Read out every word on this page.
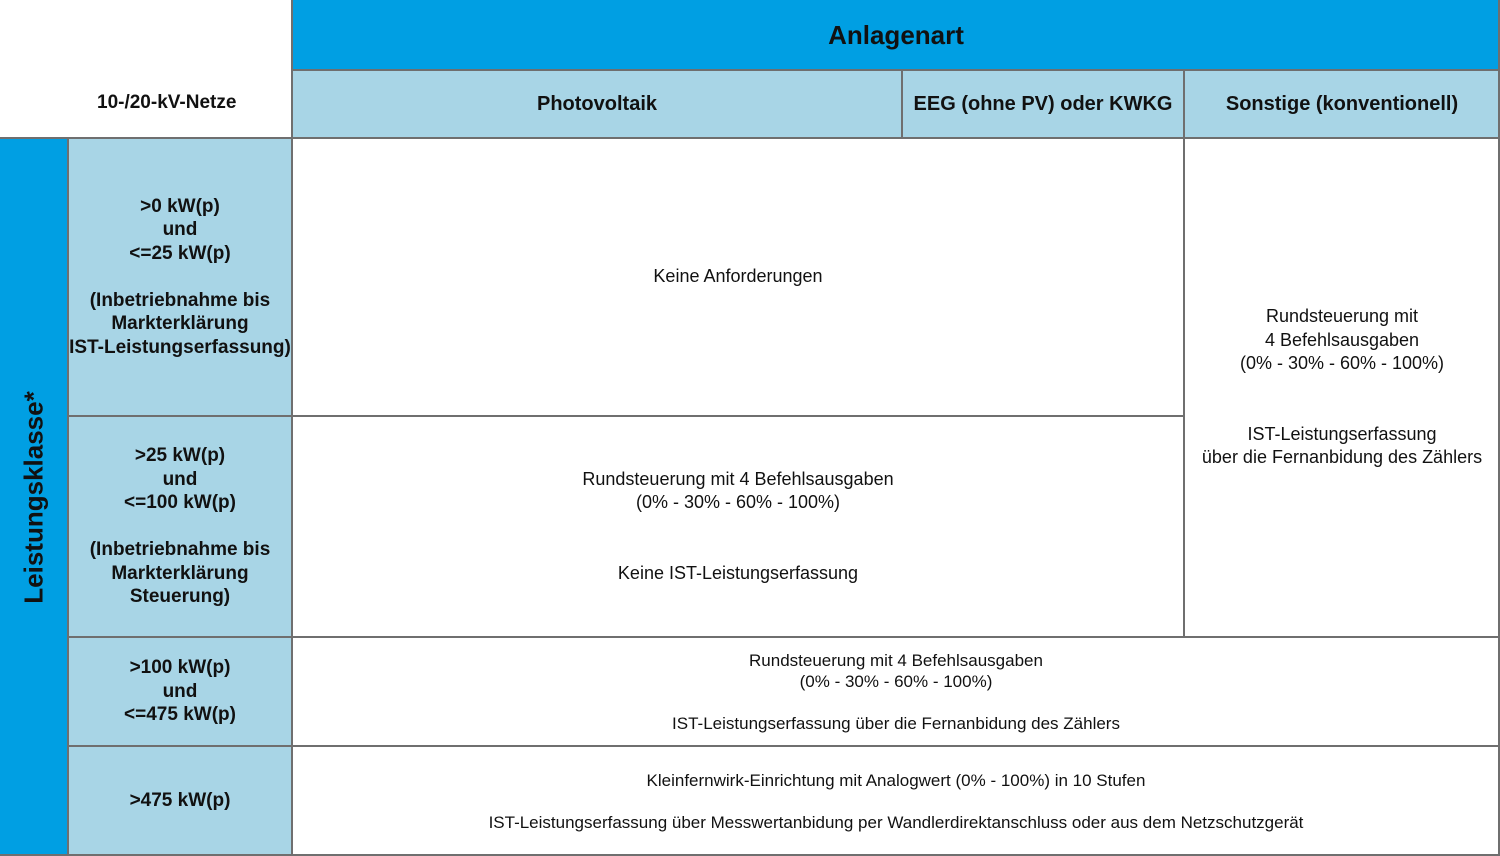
10-/20-kV-Netze
Anlagenart
Photovoltaik	EEG (ohne PV) oder KWKG	Sonstige (konventionell)
Leistungsklasse*
>0 kW(p)
und
<=25 kW(p)

(Inbetriebnahme bis
Markterklärung
IST-Leistungserfassung)
>25 kW(p)
und
<=100 kW(p)

(Inbetriebnahme bis
Markterklärung
Steuerung)
>100 kW(p)
und
<=475 kW(p)
>475 kW(p)
Keine Anforderungen
Rundsteuerung mit
4 Befehlsausgaben
(0% - 30% - 60% - 100%)

IST-Leistungserfassung
über die Fernanbidung des Zählers
Rundsteuerung mit 4 Befehlsausgaben
(0% - 30% - 60% - 100%)

Keine IST-Leistungserfassung
Rundsteuerung mit 4 Befehlsausgaben
(0% - 30% - 60% - 100%)

IST-Leistungserfassung über die Fernanbidung des Zählers
Kleinfernwirk-Einrichtung mit Analogwert (0% - 100%) in 10 Stufen

IST-Leistungserfassung über Messwertanbidung per Wandlerdirektanschluss oder aus dem Netzschutzgerät
